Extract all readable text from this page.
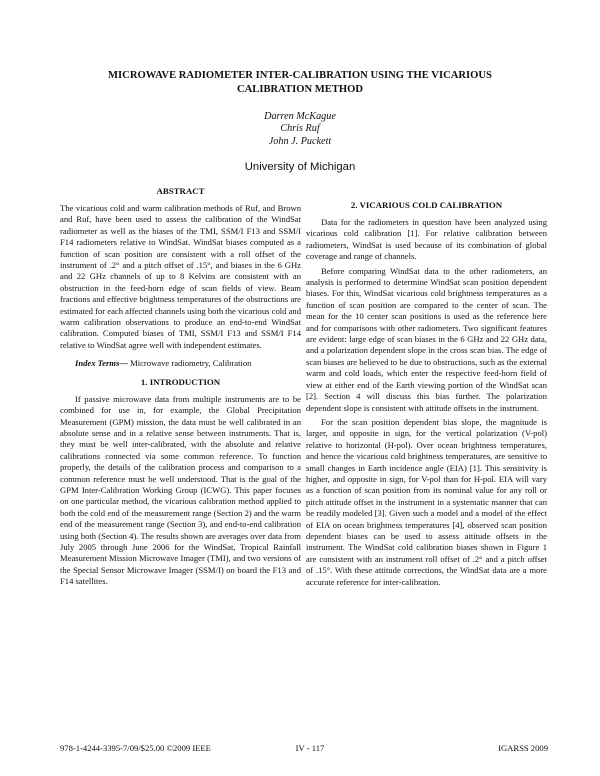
MICROWAVE RADIOMETER INTER-CALIBRATION USING THE VICARIOUS
CALIBRATION METHOD
Darren McKague
Chris Ruf
John J. Puckett
University of Michigan
ABSTRACT

The vicarious cold and warm calibration methods of Ruf, and Brown and Ruf, have been used to assess the calibration of the WindSat radiometer as well as the biases of the TMI, SSM/I F13 and SSM/I F14 radiometers relative to WindSat. WindSat biases computed as a function of scan position are consistent with a roll offset of the instrument of .2° and a pitch offset of .15°, and biases in the 6 GHz and 22 GHz channels of up to 8 Kelvins are consistent with an obstruction in the feed-horn edge of scan fields of view. Beam fractions and effective brightness temperatures of the obstructions are estimated for each affected channels using both the vicarious cold and warm calibration observations to produce an end-to-end WindSat calibration. Computed biases of TMI, SSM/I F13 and SSM/I F14 relative to WindSat agree well with independent estimates.

Index Terms— Microwave radiometry, Calibration

1. INTRODUCTION

If passive microwave data from multiple instruments are to be combined for use in, for example, the Global Precipitation Measurement (GPM) mission, the data must be well calibrated in an absolute sense and in a relative sense between instruments. That is, they must be well inter-calibrated, with the absolute and relative calibrations connected via some common reference. To function properly, the details of the calibration process and comparison to a common reference must be well understood. That is the goal of the GPM Inter-Calibration Working Group (ICWG). This paper focuses on one particular method, the vicarious calibration method applied to both the cold end of the measurement range (Section 2) and the warm end of the measurement range (Section 3), and end-to-end calibration using both (Section 4). The results shown are averages over data from July 2005 through June 2006 for the WindSat, Tropical Rainfall Measurement Mission Microwave Imager (TMI), and two versions of the Special Sensor Microwave Imager (SSM/I) on board the F13 and F14 satellites.

2. VICARIOUS COLD CALIBRATION

Data for the radiometers in question have been analyzed using vicarious cold calibration [1]. For relative calibration between radiometers, WindSat is used because of its combination of global coverage and range of channels.

Before comparing WindSat data to the other radiometers, an analysis is performed to determine WindSat scan position dependent biases. For this, WindSat vicarious cold brightness temperatures as a function of scan position are compared to the center of scan. The mean for the 10 center scan positions is used as the reference here and for comparisons with other radiometers. Two significant features are evident: large edge of scan biases in the 6 GHz and 22 GHz data, and a polarization dependent slope in the cross scan bias. The edge of scan biases are believed to be due to obstructions, such as the external warm and cold loads, which enter the respective feed-horn field of view at either end of the Earth viewing portion of the WindSat scan [2]. Section 4 will discuss this bias further. The polarization dependent slope is consistent with attitude offsets in the instrument.

For the scan position dependent bias slope, the magnitude is larger, and opposite in sign, for the vertical polarization (V-pol) relative to horizontal (H-pol). Over ocean brightness temperatures, and hence the vicarious cold brightness temperatures, are sensitive to small changes in Earth incidence angle (EIA) [1]. This sensitivity is higher, and opposite in sign, for V-pol than for H-pol. EIA will vary as a function of scan position from its nominal value for any roll or pitch attitude offset in the instrument in a systematic manner that can be readily modeled [3]. Given such a model and a model of the effect of EIA on ocean brightness temperatures [4], observed scan position dependent biases can be used to assess attitude offsets in the instrument. The WindSat cold calibration biases shown in Figure 1 are consistent with an instrument roll offset of .2° and a pitch offset of .15°. With these attitude corrections, the WindSat data are a more accurate reference for inter-calibration.

978-1-4244-3395-7/09/$25.00 ©2009 IEEE	IV - 117	IGARSS 2009
